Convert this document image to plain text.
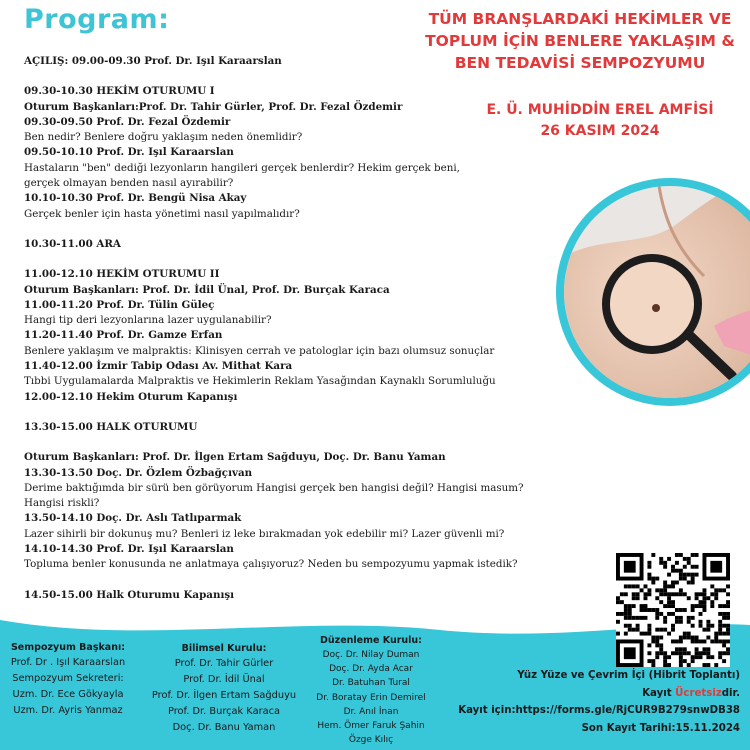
Program:	TÜM BRANŞLARDAKİ HEKİMLER VE
TOPLUM İÇİN BENLERE YAKLAŞIM &
BEN TEDAVİSİ SEMPOZYUMU
E. Ü. MUHİDDİN EREL AMFİSİ
26 KASIM 2024
AÇILIŞ: 09.00-09.30 Prof. Dr. Işıl Karaarslan
09.30-10.30 HEKİM OTURUMU I
Oturum Başkanları:Prof. Dr. Tahir Gürler, Prof. Dr. Fezal Özdemir
09.30-09.50 Prof. Dr. Fezal Özdemir
Ben nedir? Benlere doğru yaklaşım neden önemlidir?
09.50-10.10 Prof. Dr. Işıl Karaarslan
Hastaların "ben" dediği lezyonların hangileri gerçek benlerdir? Hekim gerçek beni,
gerçek olmayan benden nasıl ayırabilir?
10.10-10.30 Prof. Dr. Bengü Nisa Akay
Gerçek benler için hasta yönetimi nasıl yapılmalıdır?
10.30-11.00 ARA
11.00-12.10 HEKİM OTURUMU II
Oturum Başkanları: Prof. Dr. İdil Ünal, Prof. Dr. Burçak Karaca
11.00-11.20 Prof. Dr. Tülin Güleç
Hangi tip deri lezyonlarına lazer uygulanabilir?
11.20-11.40 Prof. Dr. Gamze Erfan
Benlere yaklaşım ve malpraktis: Klinisyen cerrah ve patologlar için bazı olumsuz sonuçlar
11.40-12.00 İzmir Tabip Odası Av. Mithat Kara
Tıbbi Uygulamalarda Malpraktis ve Hekimlerin Reklam Yasağından Kaynaklı Sorumluluğu
12.00-12.10 Hekim Oturum Kapanışı
13.30-15.00 HALK OTURUMU
Oturum Başkanları: Prof. Dr. İlgen Ertam Sağduyu, Doç. Dr. Banu Yaman
13.30-13.50 Doç. Dr. Özlem Özbağçıvan
Derime baktığımda bir sürü ben görüyorum Hangisi gerçek ben hangisi değil? Hangisi masum?
Hangisi riskli?
13.50-14.10 Doç. Dr. Aslı Tatlıparmak
Lazer sihirli bir dokunuş mu? Benleri iz leke bırakmadan yok edebilir mi? Lazer güvenli mi?
14.10-14.30 Prof. Dr. Işıl Karaarslan
Topluma benler konusunda ne anlatmaya çalışıyoruz? Neden bu sempozyumu yapmak istedik?
14.50-15.00 Halk Oturumu Kapanışı
Sempozyum Başkanı:
Prof. Dr . Işıl Karaarslan
Sempozyum Sekreteri:
Uzm. Dr. Ece Gökyayla
Uzm. Dr. Ayris Yanmaz
Bilimsel Kurulu:
Prof. Dr. Tahir Gürler
Prof. Dr. İdil Ünal
Prof. Dr. İlgen Ertam Sağduyu
Prof. Dr. Burçak Karaca
Doç. Dr. Banu Yaman
Düzenleme Kurulu:
Doç. Dr. Nilay Duman
Doç. Dr. Ayda Acar
Dr. Batuhan Tural
Dr. Boratay Erin Demirel
Dr. Anıl İnan
Hem. Ömer Faruk Şahin
Özge Kılıç
Yüz Yüze ve Çevrim İçi (Hibrit Toplantı)
Kayıt Ücretsizdir.
Kayıt için:https://forms.gle/RjCUR9B279snwDB38
Son Kayıt Tarihi:15.11.2024
